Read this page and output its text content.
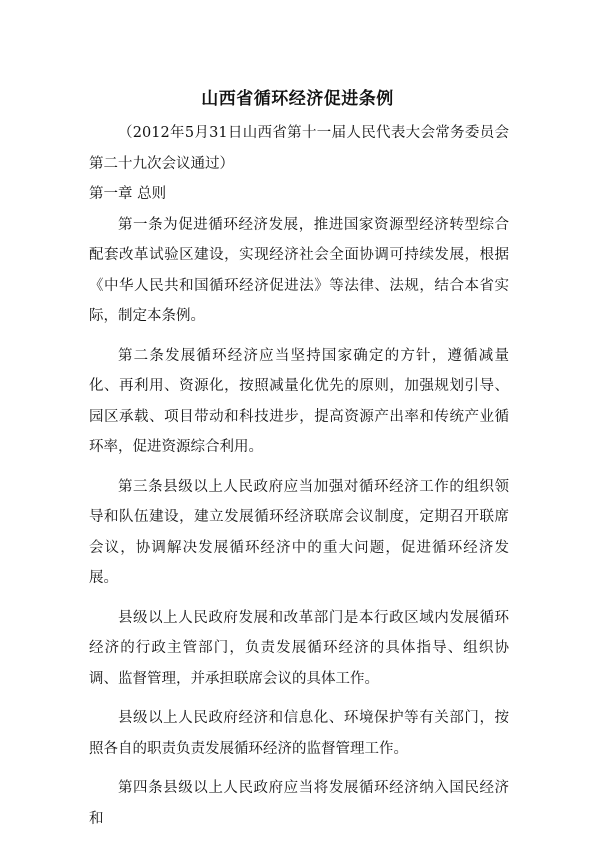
山西省循环经济促进条例

（2012年5月31日山西省第十一届人民代表大会常务委员会第二十九次会议通过）

第一章 总则

第一条为促进循环经济发展，推进国家资源型经济转型综合配套改革试验区建设，实现经济社会全面协调可持续发展，根据《中华人民共和国循环经济促进法》等法律、法规，结合本省实际，制定本条例。

第二条发展循环经济应当坚持国家确定的方针，遵循减量化、再利用、资源化，按照减量化优先的原则，加强规划引导、园区承载、项目带动和科技进步，提高资源产出率和传统产业循环率，促进资源综合利用。

第三条县级以上人民政府应当加强对循环经济工作的组织领导和队伍建设，建立发展循环经济联席会议制度，定期召开联席会议，协调解决发展循环经济中的重大问题，促进循环经济发展。

县级以上人民政府发展和改革部门是本行政区域内发展循环经济的行政主管部门，负责发展循环经济的具体指导、组织协调、监督管理，并承担联席会议的具体工作。

县级以上人民政府经济和信息化、环境保护等有关部门，按照各自的职责负责发展循环经济的监督管理工作。

第四条县级以上人民政府应当将发展循环经济纳入国民经济和
